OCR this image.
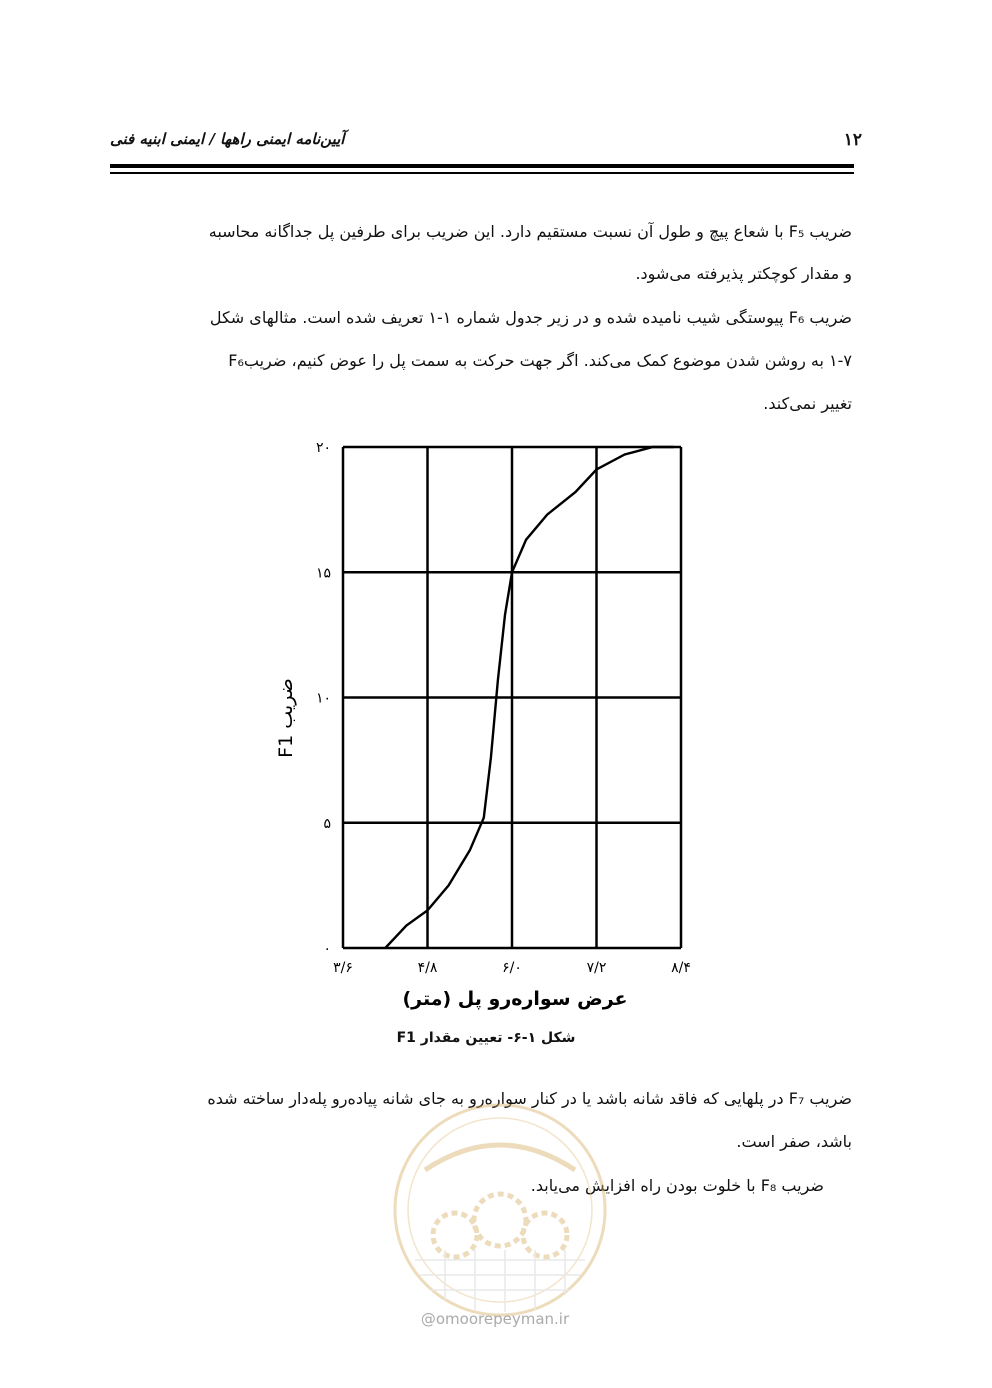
آیین‌نامه ایمنی راهها / ایمنی ابنیه فنی	۱۲
ضریب F₅ با شعاع پیچ و طول آن نسبت مستقیم دارد. این ضریب برای طرفین پل جداگانه محاسبه
و مقدار کوچکتر پذیرفته می‌شود.
ضریب F₆ پیوستگی شیب نامیده شده و در زیر جدول شماره ۱-۱ تعریف شده است. مثالهای شکل
۱-۷ به روشن شدن موضوع کمک می‌کند. اگر جهت حرکت به سمت پل را عوض کنیم، ضریبF₆
تغییر نمی‌کند.
۰
۵
۱۰
۱۵
۲۰
۳/۶	۴/۸	۶/۰	۷/۲	۸/۴
عرض سواره‌رو پل (متر)
ضریب F1
شکل ۱-۶- تعیین مقدار F1
ضریب F₇ در پلهایی که فاقد شانه باشد یا در کنار سواره‌رو به جای شانه پیاده‌رو پله‌دار ساخته شده
باشد، صفر است.
ضریب F₈ با خلوت بودن راه افزایش می‌یابد.
@omoorepeyman.ir
